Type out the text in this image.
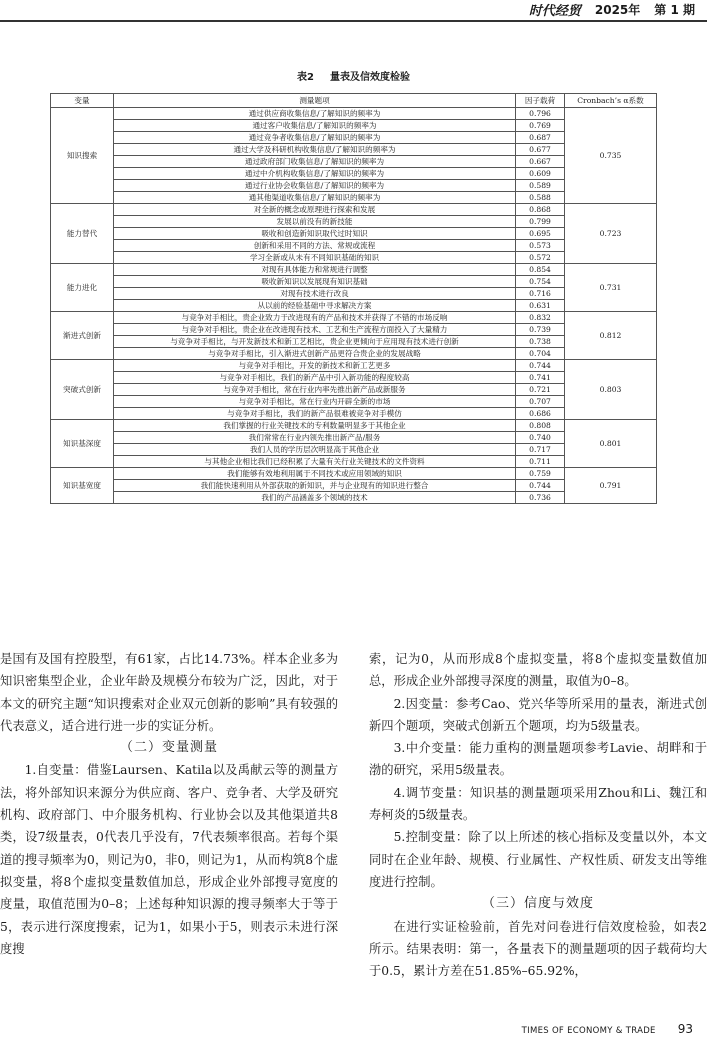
时代经贸 2025年 第 1 期
表2 量表及信效度检验
变量	测量题项	因子载荷	Cronbach’s α系数
知识搜索	通过供应商收集信息/了解知识的频率为	0.796	0.735
	通过客户收集信息/了解知识的频率为	0.769	
	通过竞争者收集信息/了解知识的频率为	0.687	
	通过大学及科研机构收集信息/了解知识的频率为	0.677	
	通过政府部门收集信息/了解知识的频率为	0.667	
	通过中介机构收集信息/了解知识的频率为	0.609	
	通过行业协会收集信息/了解知识的频率为	0.589	
	通其他渠道收集信息/了解知识的频率为	0.588	
能力替代	对全新的概念或原理进行探索和发展	0.868	0.723
	发展以前没有的新技能	0.799	
	吸收和创造新知识取代过时知识	0.695	
	创新和采用不同的方法、常规或流程	0.573	
	学习全新或从未有不同知识基础的知识	0.572	
能力进化	对现有具体能力和常规进行调整	0.854	0.731
	吸收新知识以发展现有知识基础	0.754	
	对现有技术进行改良	0.716	
	从以前的经验基础中寻求解决方案	0.631	
渐进式创新	与竞争对手相比，贵企业致力于改进现有的产品和技术并获得了不错的市场反响	0.832	0.812
	与竞争对手相比，贵企业在改进现有技术、工艺和生产流程方面投入了大量精力	0.739	
	与竞争对手相比，与开发新技术和新工艺相比，贵企业更倾向于应用现有技术进行创新	0.738	
	与竞争对手相比，引入渐进式创新产品更符合贵企业的发展战略	0.704	
突破式创新	与竞争对手相比，开发的新技术和新工艺更多	0.744	0.803
	与竞争对手相比，我们的新产品中引入新功能的程度较高	0.741	
	与竞争对手相比，常在行业内率先推出新产品或新服务	0.721	
	与竞争对手相比，常在行业内开辟全新的市场	0.707	
	与竞争对手相比，我们的新产品很难被竞争对手模仿	0.686	
知识基深度	我们掌握的行业关键技术的专利数量明显多于其他企业	0.808	0.801
	我们常常在行业内领先推出新产品/服务	0.740	
	我们人员的学历层次明显高于其他企业	0.717	
	与其他企业相比我们已经积累了大量有关行业关键技术的文件资料	0.711	
知识基宽度	我们能够有效地利用属于不同技术或应用领域的知识	0.759	0.791
	我们能快速利用从外部获取的新知识，并与企业现有的知识进行整合	0.744	
	我们的产品涵盖多个领域的技术	0.736	

是国有及国有控股型，有61家，占比14.73%。样本企业多为知识密集型企业，企业年龄及规模分布较为广泛，因此，对于本文的研究主题“知识搜索对企业双元创新的影响”具有较强的代表意义，适合进行进一步的实证分析。

（二）变量测量

1.自变量：借鉴Laursen、Katila以及禹献云等的测量方法，将外部知识来源分为供应商、客户、竞争者、大学及研究机构、政府部门、中介服务机构、行业协会以及其他渠道共8类，设7级量表，0代表几乎没有，7代表频率很高。若每个渠道的搜寻频率为0，则记为0，非0，则记为1，从而构筑8个虚拟变量，将8个虚拟变量数值加总，形成企业外部搜寻宽度的度量，取值范围为0–8；上述每种知识源的搜寻频率大于等于5，表示进行深度搜索，记为1，如果小于5，则表示未进行深度搜

索，记为0，从而形成8个虚拟变量，将8个虚拟变量数值加总，形成企业外部搜寻深度的测量，取值为0–8。

2.因变量：参考Cao、党兴华等所采用的量表，渐进式创新四个题项，突破式创新五个题项，均为5级量表。

3.中介变量：能力重构的测量题项参考Lavie、胡畔和于渤的研究，采用5级量表。

4.调节变量：知识基的测量题项采用Zhou和Li、魏江和寿柯炎的5级量表。

5.控制变量：除了以上所述的核心指标及变量以外，本文同时在企业年龄、规模、行业属性、产权性质、研发支出等维度进行控制。

（三）信度与效度

在进行实证检验前，首先对问卷进行信效度检验，如表2所示。结果表明：第一，各量表下的测量题项的因子载荷均大于0.5，累计方差在51.85%–65.92%，

TIMES OF ECONOMY & TRADE 93
